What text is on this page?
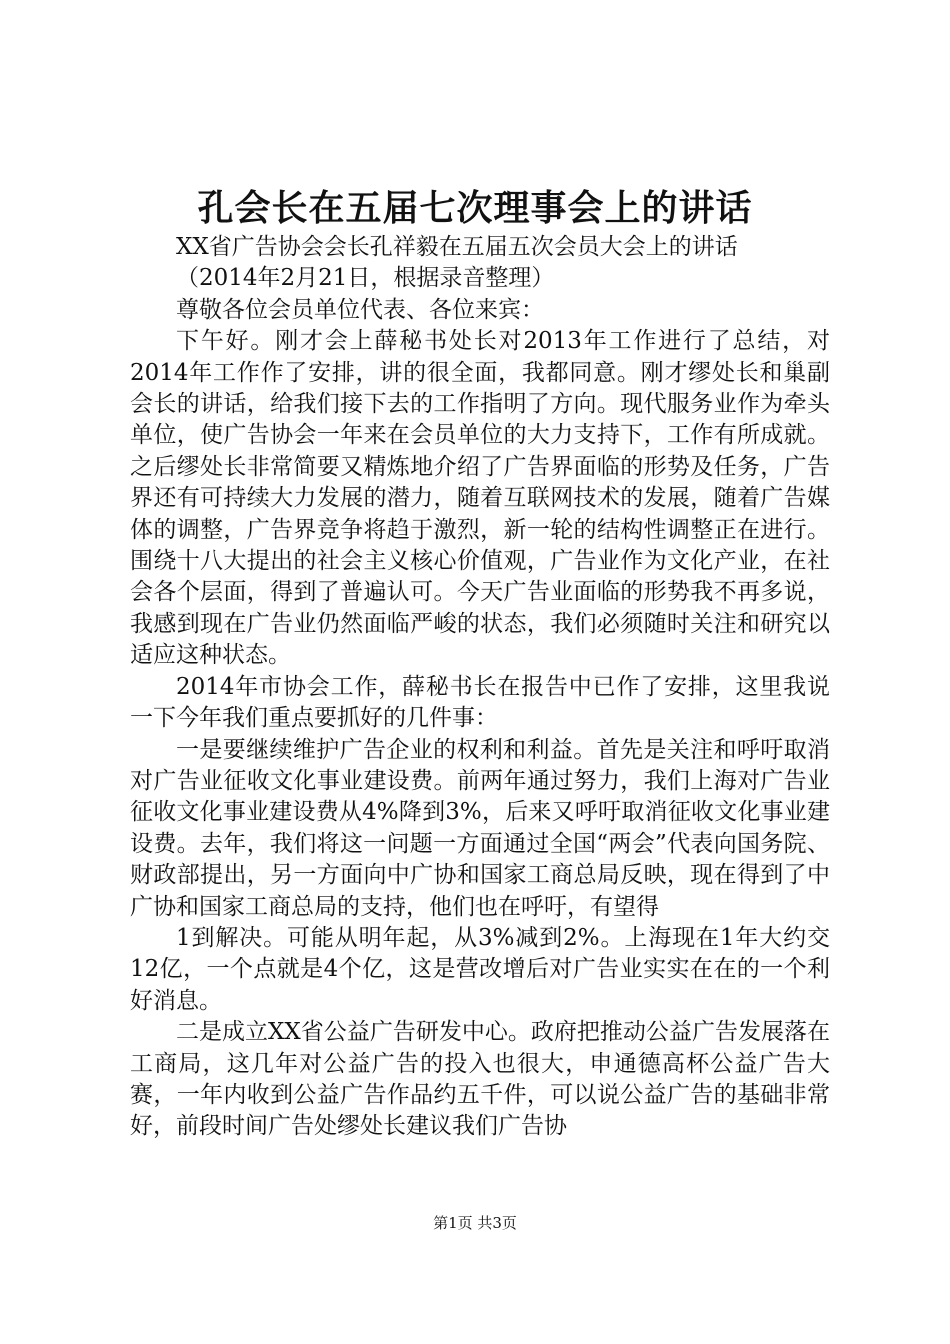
孔会长在五届七次理事会上的讲话

XX省广告协会会长孔祥毅在五届五次会员大会上的讲话

（2014年2月21日，根据录音整理）

尊敬各位会员单位代表、各位来宾：

下午好。刚才会上薛秘书处长对2013年工作进行了总结，对2014年工作作了安排，讲的很全面，我都同意。刚才缪处长和巢副会长的讲话，给我们接下去的工作指明了方向。现代服务业作为牵头单位，使广告协会一年来在会员单位的大力支持下，工作有所成就。之后缪处长非常简要又精炼地介绍了广告界面临的形势及任务，广告界还有可持续大力发展的潜力，随着互联网技术的发展，随着广告媒体的调整，广告界竞争将趋于激烈，新一轮的结构性调整正在进行。围绕十八大提出的社会主义核心价值观，广告业作为文化产业，在社会各个层面，得到了普遍认可。今天广告业面临的形势我不再多说，我感到现在广告业仍然面临严峻的状态，我们必须随时关注和研究以适应这种状态。

2014年市协会工作，薛秘书长在报告中已作了安排，这里我说一下今年我们重点要抓好的几件事：

一是要继续维护广告企业的权利和利益。首先是关注和呼吁取消对广告业征收文化事业建设费。前两年通过努力，我们上海对广告业征收文化事业建设费从4%降到3%，后来又呼吁取消征收文化事业建设费。去年，我们将这一问题一方面通过全国“两会”代表向国务院、财政部提出，另一方面向中广协和国家工商总局反映，现在得到了中广协和国家工商总局的支持，他们也在呼吁，有望得

1到解决。可能从明年起，从3%减到2%。上海现在1年大约交12亿，一个点就是4个亿，这是营改增后对广告业实实在在的一个利好消息。

二是成立XX省公益广告研发中心。政府把推动公益广告发展落在工商局，这几年对公益广告的投入也很大，申通德高杯公益广告大赛，一年内收到公益广告作品约五千件，可以说公益广告的基础非常好，前段时间广告处缪处长建议我们广告协

第1页 共3页
